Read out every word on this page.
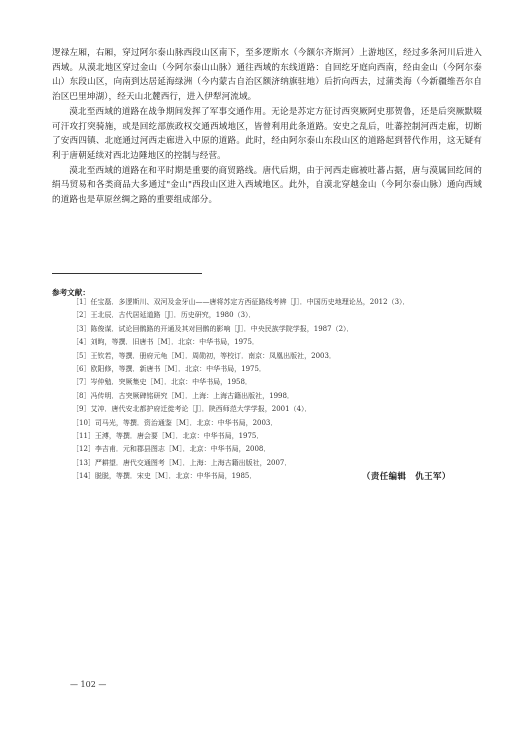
逻禄左厢，右厢，穿过阿尔泰山脉西段山区南下，至多逻斯水（今额尔齐斯河）上游地区，经过多条河川后进入西域。从漠北地区穿过金山（今阿尔泰山山脉）通往西域的东线道路：自回纥牙庭向西南，经由金山（今阿尔泰山）东段山区，向南到达居延海绿洲（今内蒙古自治区额济纳旗驻地）后折向西去，过蒲类海（今新疆维吾尔自治区巴里坤湖），经天山北麓西行，进入伊犁河流域。

漠北至西域的道路在战争期间发挥了军事交通作用。无论是苏定方征讨西突厥阿史那贺鲁，还是后突厥默啜可汗攻打突骑施，或是回纥部族政权交通西域地区，皆曾利用此条道路。安史之乱后，吐蕃控制河西走廊，切断了安西四镇、北庭通过河西走廊进入中原的道路。此时，经由阿尔泰山东段山区的道路起到替代作用，这无疑有利于唐朝延续对西北边陲地区的控制与经营。

漠北至西域的道路在和平时期是重要的商贸路线。唐代后期，由于河西走廊被吐蕃占据，唐与漠属回纥间的绢马贸易和各类商品大多通过"金山"西段山区进入西域地区。此外，自漠北穿越金山（今阿尔泰山脉）通向西域的道路也是草原丝绸之路的重要组成部分。

参考文献：
［1］任宝磊．多逻斯川、双河及金牙山——唐将苏定方西征路线考辨［J］．中国历史地理论丛，2012（3）．
［2］王北辰．古代居延道路［J］．历史研究，1980（3）．
［3］陈俊谋．试论回鹘路的开通及其对回鹘的影响［J］．中央民族学院学报，1987（2）．
［4］刘昫，等撰．旧唐书［M］．北京：中华书局，1975．
［5］王钦若，等撰．册府元龟［M］．周勋初，等校订．南京：凤凰出版社，2003．
［6］欧阳修，等撰．新唐书［M］．北京：中华书局，1975．
［7］岑仲勉．突厥集史［M］．北京：中华书局，1958．
［8］冯传明．古突厥碑铭研究［M］．上海：上海古籍出版社，1998．
［9］艾冲．唐代安北都护府迁徙考论［J］．陕西师范大学学报，2001（4）．
［10］司马光，等撰．资治通鉴［M］．北京：中华书局，2003．
［11］王溥，等撰．唐会要［M］．北京：中华书局，1975．
［12］李吉甫．元和郡县图志［M］．北京：中华书局，2008．
［13］严耕望．唐代交通图考［M］．上海：上海古籍出版社，2007．
［14］脱脱，等撰．宋史［M］．北京：中华书局，1985．	（责任编辑　仇王军）
— 102 —
